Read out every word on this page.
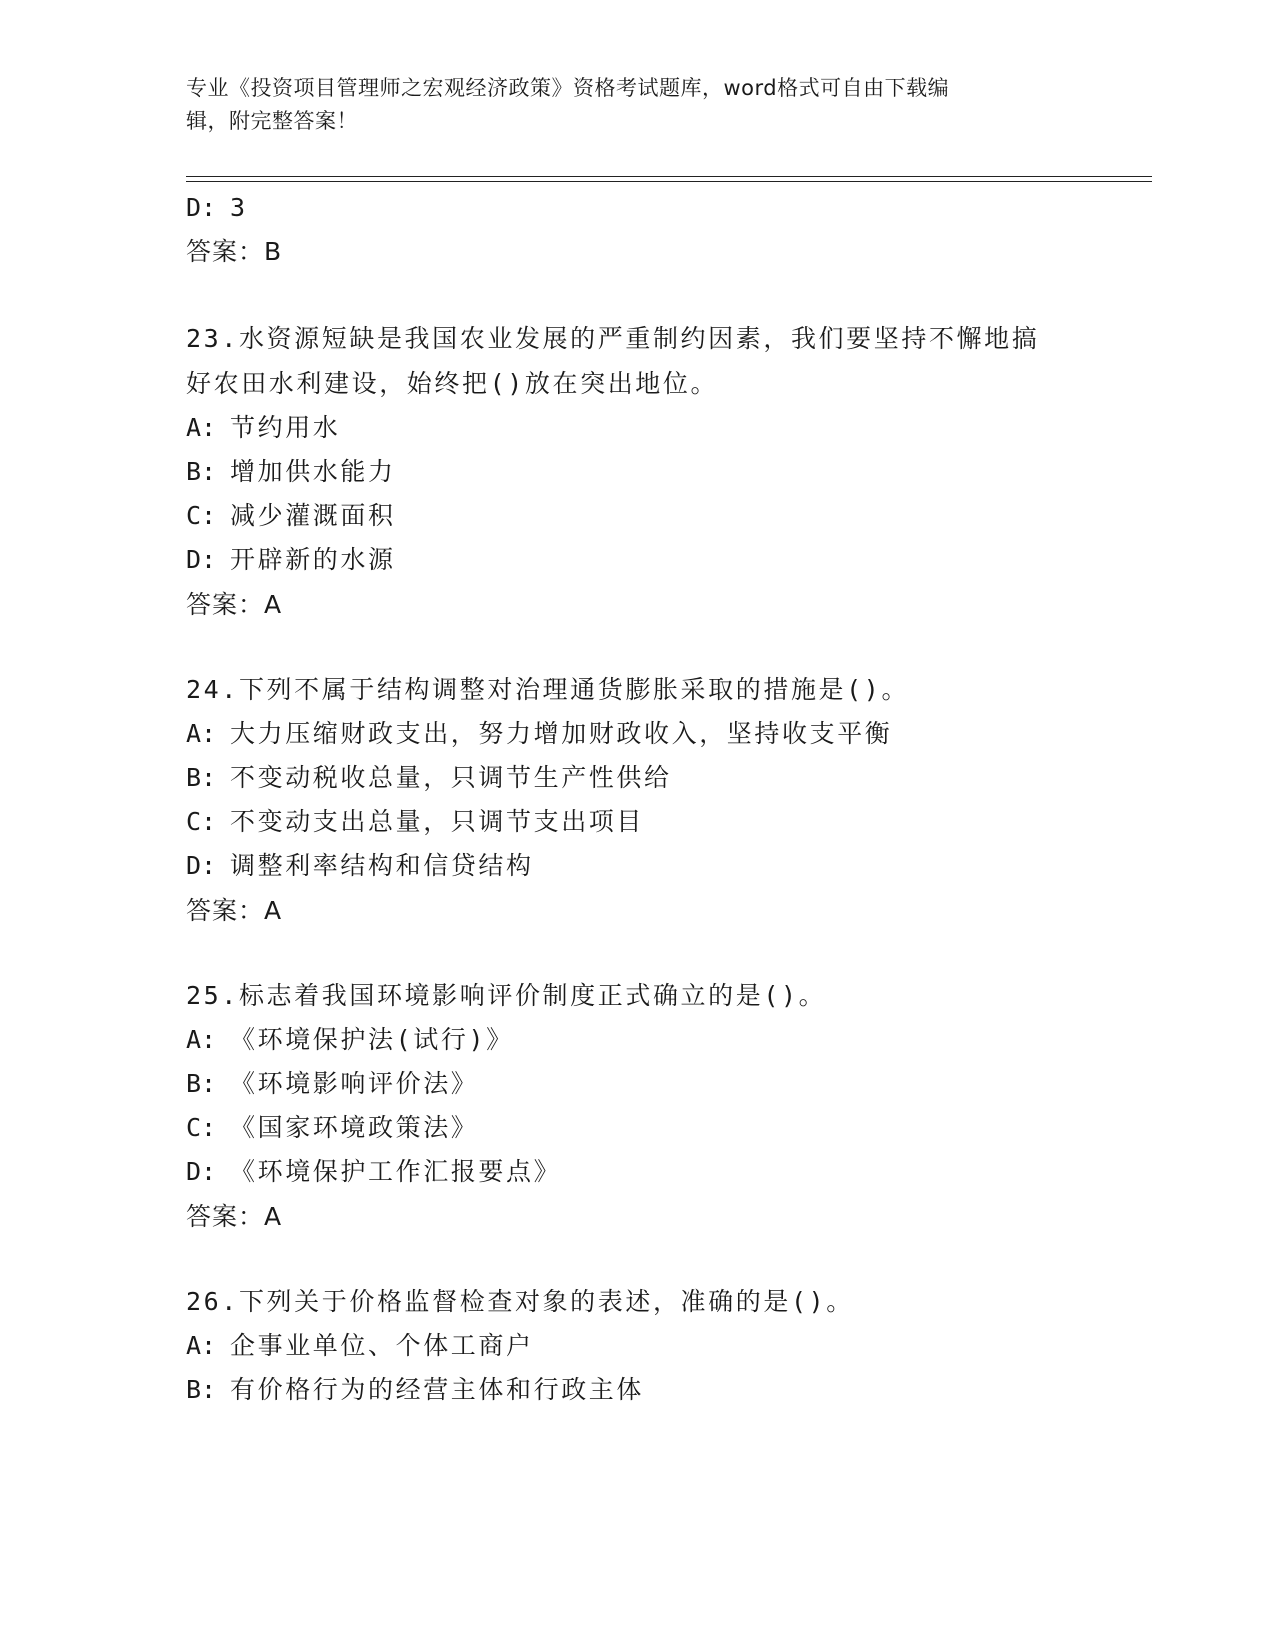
专业《投资项目管理师之宏观经济政策》资格考试题库，word格式可自由下载编
辑，附完整答案！
D: 3
答案：B
23.水资源短缺是我国农业发展的严重制约因素，我们要坚持不懈地搞
好农田水利建设，始终把()放在突出地位。
A: 节约用水
B: 增加供水能力
C: 减少灌溉面积
D: 开辟新的水源
答案：A
24.下列不属于结构调整对治理通货膨胀采取的措施是()。
A: 大力压缩财政支出，努力增加财政收入，坚持收支平衡
B: 不变动税收总量，只调节生产性供给
C: 不变动支出总量，只调节支出项目
D: 调整利率结构和信贷结构
答案：A
25.标志着我国环境影响评价制度正式确立的是()。
A: 《环境保护法(试行)》
B: 《环境影响评价法》
C: 《国家环境政策法》
D: 《环境保护工作汇报要点》
答案：A
26.下列关于价格监督检查对象的表述，准确的是()。
A: 企事业单位、个体工商户
B: 有价格行为的经营主体和行政主体
